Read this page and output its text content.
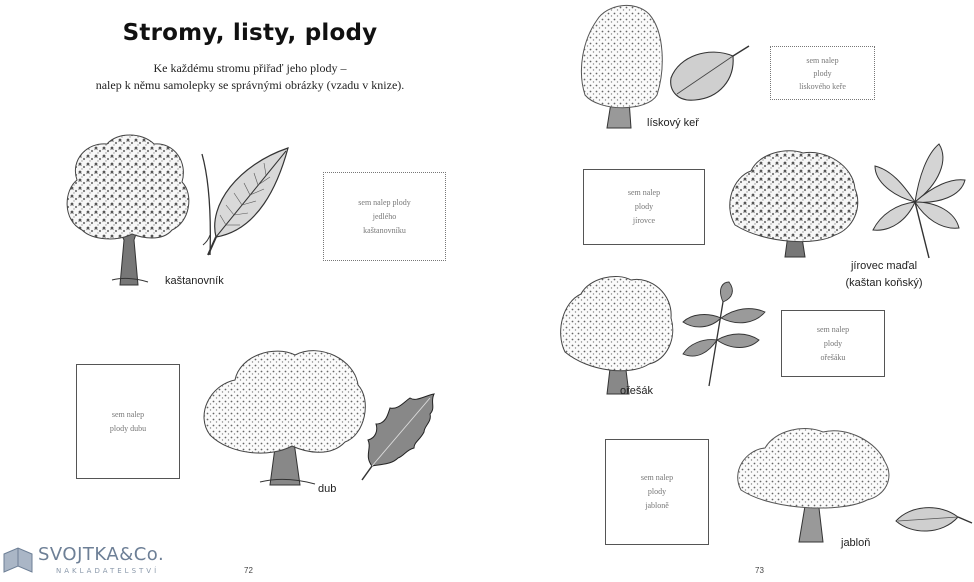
Stromy, listy, plody
Ke každému stromu přiřaď jeho plody –
nalep k němu samolepky se správnými obrázky (vzadu v knize).
sem nalep plody
jedlého
kaštanovníku
kaštanovník
sem nalep
plody dubu
dub
72
sem nalep
plody
lískového keře
lískový keř
sem nalep
plody
jírovce
jírovec maďal
(kaštan koňský)
sem nalep
plody
ořešáku
ořešák
sem nalep
plody
jabloně
jabloň
73
SVOJTKA&Co.
NAKLADATELSTVÍ
